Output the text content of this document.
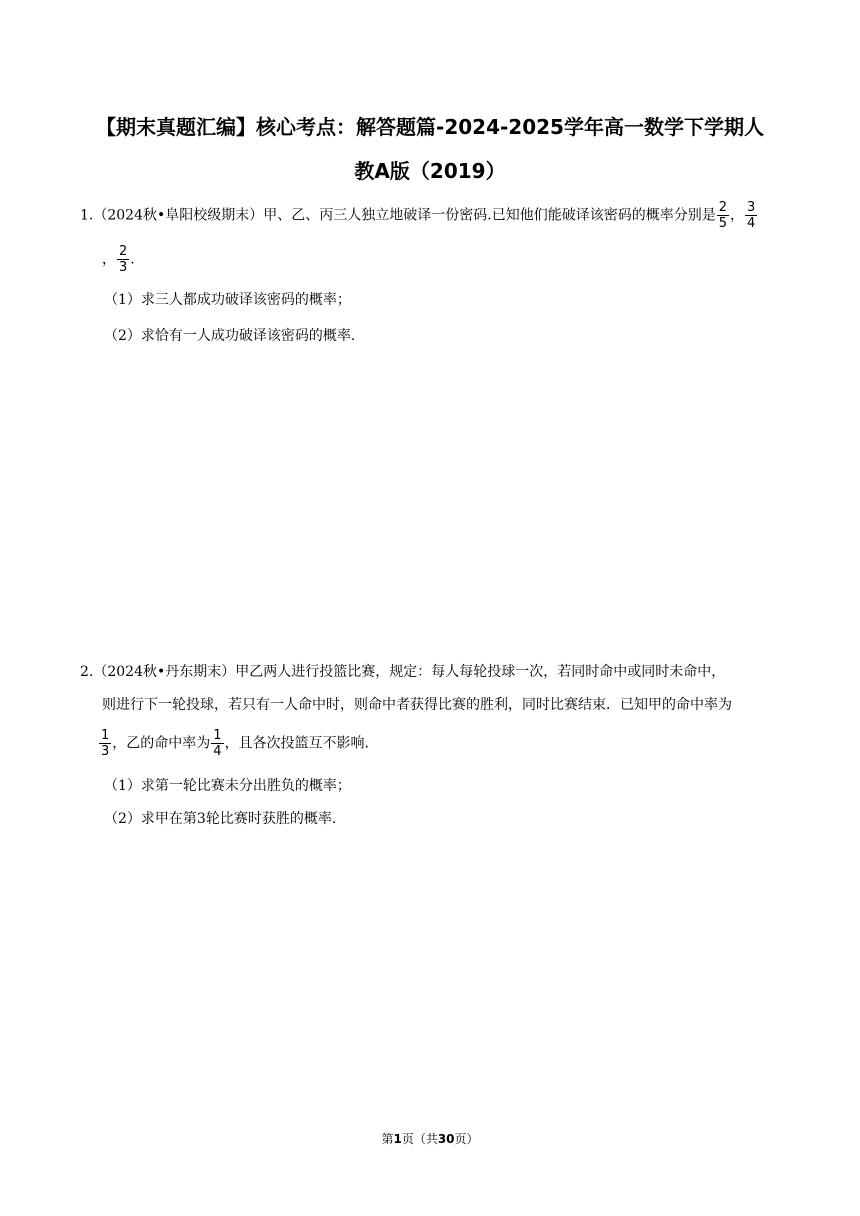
【期末真题汇编】核心考点：解答题篇-2024-2025学年高一数学下学期人
教A版（2019）
1.（2024秋•阜阳校级期末）甲、乙、丙三人独立地破译一份密码.已知他们能破译该密码的概率分别是 $\frac{2}{5}$ ， $\frac{3}{4}$
， $\frac{2}{3}$ .
（1）求三人都成功破译该密码的概率；
（2）求恰有一人成功破译该密码的概率.
2.（2024秋•丹东期末）甲乙两人进行投篮比赛，规定：每人每轮投球一次，若同时命中或同时未命中，
则进行下一轮投球，若只有一人命中时，则命中者获得比赛的胜利，同时比赛结束．已知甲的命中率为
$\frac{1}{3}$ ，乙的命中率为 $\frac{1}{4}$ ，且各次投篮互不影响.
（1）求第一轮比赛未分出胜负的概率；
（2）求甲在第3轮比赛时获胜的概率.
第1页（共30页）
